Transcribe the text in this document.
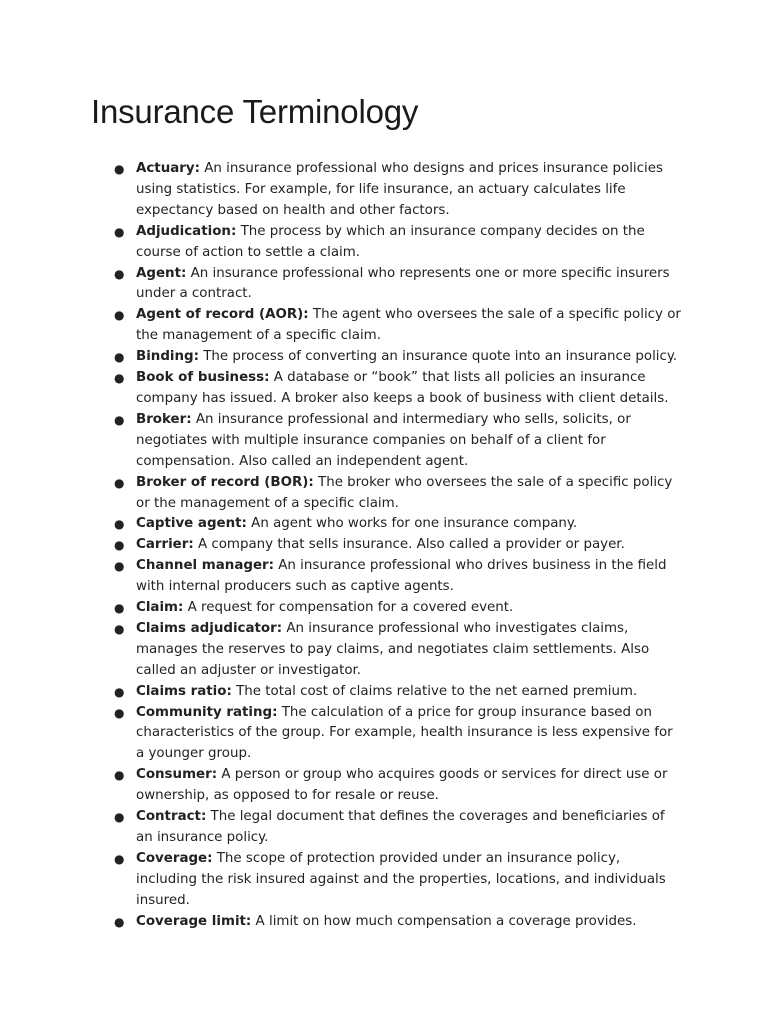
Insurance Terminology
● Actuary: An insurance professional who designs and prices insurance policies using statistics. For example, for life insurance, an actuary calculates life expectancy based on health and other factors.
● Adjudication: The process by which an insurance company decides on the course of action to settle a claim.
● Agent: An insurance professional who represents one or more specific insurers under a contract.
● Agent of record (AOR): The agent who oversees the sale of a specific policy or the management of a specific claim.
● Binding: The process of converting an insurance quote into an insurance policy.
● Book of business: A database or “book” that lists all policies an insurance company has issued. A broker also keeps a book of business with client details.
● Broker: An insurance professional and intermediary who sells, solicits, or negotiates with multiple insurance companies on behalf of a client for compensation. Also called an independent agent.
● Broker of record (BOR): The broker who oversees the sale of a specific policy or the management of a specific claim.
● Captive agent: An agent who works for one insurance company.
● Carrier: A company that sells insurance. Also called a provider or payer.
● Channel manager: An insurance professional who drives business in the field with internal producers such as captive agents.
● Claim: A request for compensation for a covered event.
● Claims adjudicator: An insurance professional who investigates claims, manages the reserves to pay claims, and negotiates claim settlements. Also called an adjuster or investigator.
● Claims ratio: The total cost of claims relative to the net earned premium.
● Community rating: The calculation of a price for group insurance based on characteristics of the group. For example, health insurance is less expensive for a younger group.
● Consumer: A person or group who acquires goods or services for direct use or ownership, as opposed to for resale or reuse.
● Contract: The legal document that defines the coverages and beneficiaries of an insurance policy.
● Coverage: The scope of protection provided under an insurance policy, including the risk insured against and the properties, locations, and individuals insured.
● Coverage limit: A limit on how much compensation a coverage provides.
